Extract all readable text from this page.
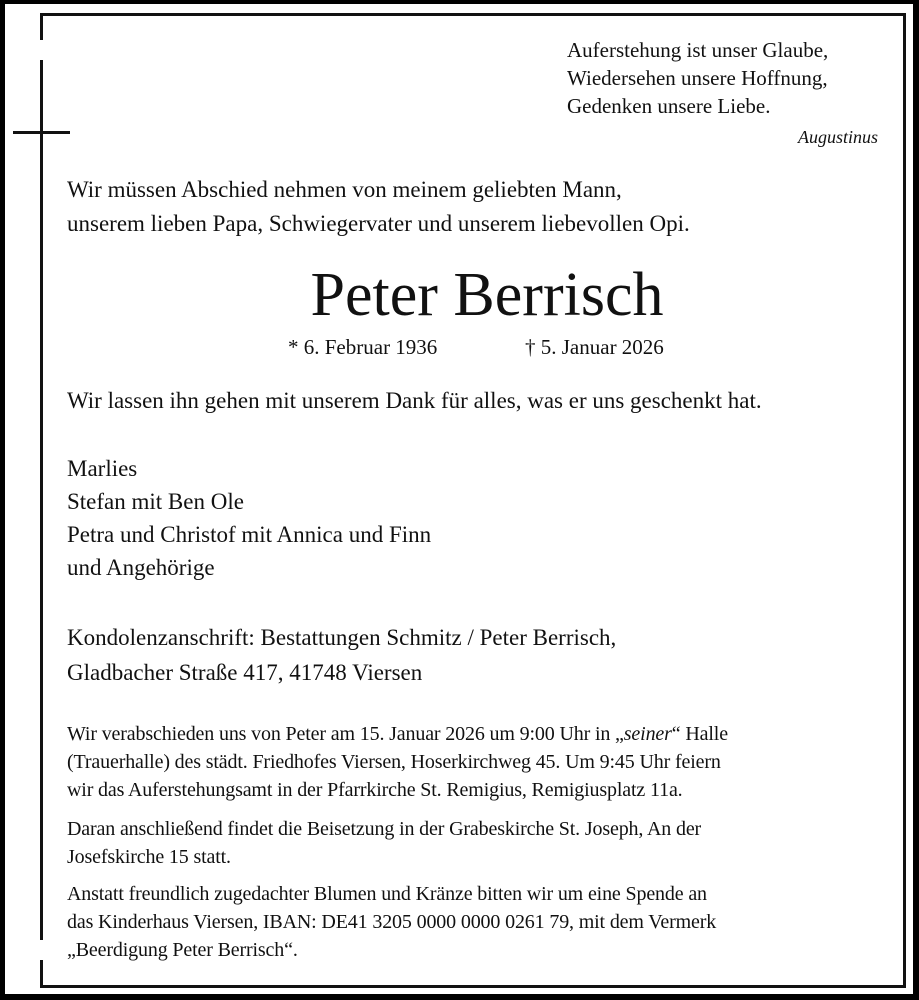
Auferstehung ist unser Glaube,
Wiedersehen unsere Hoffnung,
Gedenken unsere Liebe.
Augustinus
Wir müssen Abschied nehmen von meinem geliebten Mann,
unserem lieben Papa, Schwiegervater und unserem liebevollen Opi.
Peter Berrisch
* 6. Februar 1936	† 5. Januar 2026
Wir lassen ihn gehen mit unserem Dank für alles, was er uns geschenkt hat.
Marlies
Stefan mit Ben Ole
Petra und Christof mit Annica und Finn
und Angehörige
Kondolenzanschrift: Bestattungen Schmitz / Peter Berrisch,
Gladbacher Straße 417, 41748 Viersen
Wir verabschieden uns von Peter am 15. Januar 2026 um 9:00 Uhr in „seiner“ Halle
(Trauerhalle) des städt. Friedhofes Viersen, Hoserkirchweg 45. Um 9:45 Uhr feiern
wir das Auferstehungsamt in der Pfarrkirche St. Remigius, Remigiusplatz 11a.
Daran anschließend findet die Beisetzung in der Grabeskirche St. Joseph, An der
Josefskirche 15 statt.
Anstatt freundlich zugedachter Blumen und Kränze bitten wir um eine Spende an
das Kinderhaus Viersen, IBAN: DE41 3205 0000 0000 0261 79, mit dem Vermerk
„Beerdigung Peter Berrisch“.
